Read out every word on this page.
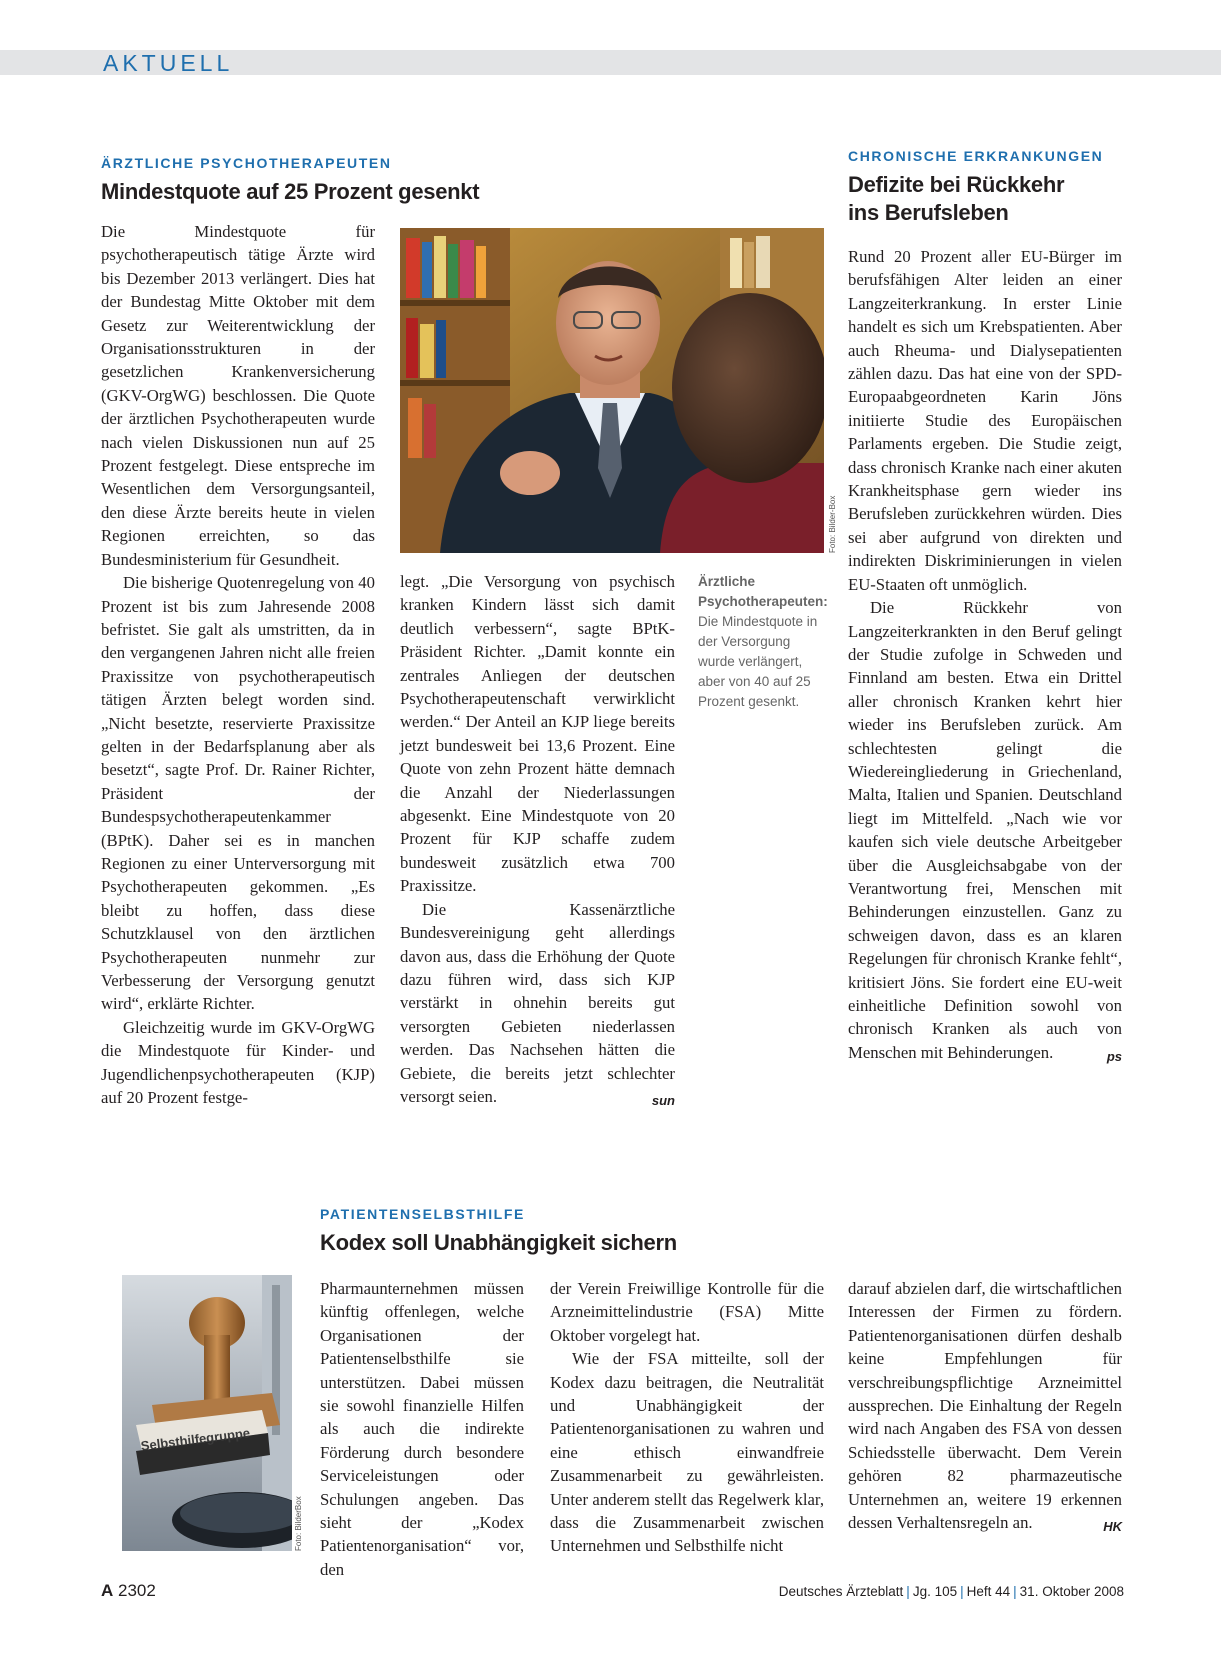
AKTUELL
ÄRZTLICHE PSYCHOTHERAPEUTEN
Mindestquote auf 25 Prozent gesenkt

Die Mindestquote für psychotherapeutisch tätige Ärzte wird bis Dezember 2013 verlängert. Dies hat der Bundestag Mitte Oktober mit dem Gesetz zur Weiterentwicklung der Organisationsstrukturen in der gesetzlichen Krankenversicherung (GKV-OrgWG) beschlossen. Die Quote der ärztlichen Psychotherapeuten wurde nach vielen Diskussionen nun auf 25 Prozent festgelegt. Diese entspreche im Wesentlichen dem Versorgungsanteil, den diese Ärzte bereits heute in vielen Regionen erreichten, so das Bundesministerium für Gesundheit.

Die bisherige Quotenregelung von 40 Prozent ist bis zum Jahresende 2008 befristet. Sie galt als umstritten, da in den vergangenen Jahren nicht alle freien Praxissitze von psychotherapeutisch tätigen Ärzten belegt worden sind. „Nicht besetzte, reservierte Praxissitze gelten in der Bedarfsplanung aber als besetzt“, sagte Prof. Dr. Rainer Richter, Präsident der Bundespsychotherapeutenkammer (BPtK). Daher sei es in manchen Regionen zu einer Unterversorgung mit Psychotherapeuten gekommen. „Es bleibt zu hoffen, dass diese Schutzklausel von den ärztlichen Psychotherapeuten nunmehr zur Verbesserung der Versorgung genutzt wird“, erklärte Richter.

Gleichzeitig wurde im GKV-OrgWG die Mindestquote für Kinder- und Jugendlichenpsychotherapeuten (KJP) auf 20 Prozent festge-

Foto: Bilder-Box

legt. „Die Versorgung von psychisch kranken Kindern lässt sich damit deutlich verbessern“, sagte BPtK-Präsident Richter. „Damit konnte ein zentrales Anliegen der deutschen Psychotherapeutenschaft verwirklicht werden.“ Der Anteil an KJP liege bereits jetzt bundesweit bei 13,6 Prozent. Eine Quote von zehn Prozent hätte demnach die Anzahl der Niederlassungen abgesenkt. Eine Mindestquote von 20 Prozent für KJP schaffe zudem bundesweit zusätzlich etwa 700 Praxissitze.

Die Kassenärztliche Bundesvereinigung geht allerdings davon aus, dass die Erhöhung der Quote dazu führen wird, dass sich KJP verstärkt in ohnehin bereits gut versorgten Gebieten niederlassen werden. Das Nachsehen hätten die Gebiete, die bereits jetzt schlechter versorgt seien.	sun

Ärztliche Psychotherapeuten: Die Mindestquote in der Versorgung wurde verlängert, aber von 40 auf 25 Prozent gesenkt.
CHRONISCHE ERKRANKUNGEN
Defizite bei Rückkehr
ins Berufsleben

Rund 20 Prozent aller EU-Bürger im berufsfähigen Alter leiden an einer Langzeiterkrankung. In erster Linie handelt es sich um Krebspatienten. Aber auch Rheuma- und Dialysepatienten zählen dazu. Das hat eine von der SPD-Europaabgeordneten Karin Jöns initiierte Studie des Europäischen Parlaments ergeben. Die Studie zeigt, dass chronisch Kranke nach einer akuten Krankheitsphase gern wieder ins Berufsleben zurückkehren würden. Dies sei aber aufgrund von direkten und indirekten Diskriminierungen in vielen EU-Staaten oft unmöglich.

Die Rückkehr von Langzeiterkrankten in den Beruf gelingt der Studie zufolge in Schweden und Finnland am besten. Etwa ein Drittel aller chronisch Kranken kehrt hier wieder ins Berufsleben zurück. Am schlechtesten gelingt die Wiedereingliederung in Griechenland, Malta, Italien und Spanien. Deutschland liegt im Mittelfeld. „Nach wie vor kaufen sich viele deutsche Arbeitgeber über die Ausgleichsabgabe von der Verantwortung frei, Menschen mit Behinderungen einzustellen. Ganz zu schweigen davon, dass es an klaren Regelungen für chronisch Kranke fehlt“, kritisiert Jöns. Sie fordert eine EU-weit einheitliche Definition sowohl von chronisch Kranken als auch von Menschen mit Behinderungen.	ps

PATIENTENSELBSTHILFE
Kodex soll Unabhängigkeit sichern
Selbsthilfegruppe
Foto: BilderBox

Pharmaunternehmen müssen künftig offenlegen, welche Organisationen der Patientenselbsthilfe sie unterstützen. Dabei müssen sie sowohl finanzielle Hilfen als auch die indirekte Förderung durch besondere Serviceleistungen oder Schulungen angeben. Das sieht der „Kodex Patientenorganisation“ vor, den

der Verein Freiwillige Kontrolle für die Arzneimittelindustrie (FSA) Mitte Oktober vorgelegt hat.

Wie der FSA mitteilte, soll der Kodex dazu beitragen, die Neutralität und Unabhängigkeit der Patientenorganisationen zu wahren und eine ethisch einwandfreie Zusammenarbeit zu gewährleisten. Unter anderem stellt das Regelwerk klar, dass die Zusammenarbeit zwischen Unternehmen und Selbsthilfe nicht

darauf abzielen darf, die wirtschaftlichen Interessen der Firmen zu fördern. Patientenorganisationen dürfen deshalb keine Empfehlungen für verschreibungspflichtige Arzneimittel aussprechen. Die Einhaltung der Regeln wird nach Angaben des FSA von dessen Schiedsstelle überwacht. Dem Verein gehören 82 pharmazeutische Unternehmen an, weitere 19 erkennen dessen Verhaltensregeln an.	HK

A 2302	Deutsches Ärzteblatt | Jg. 105 | Heft 44 | 31. Oktober 2008
